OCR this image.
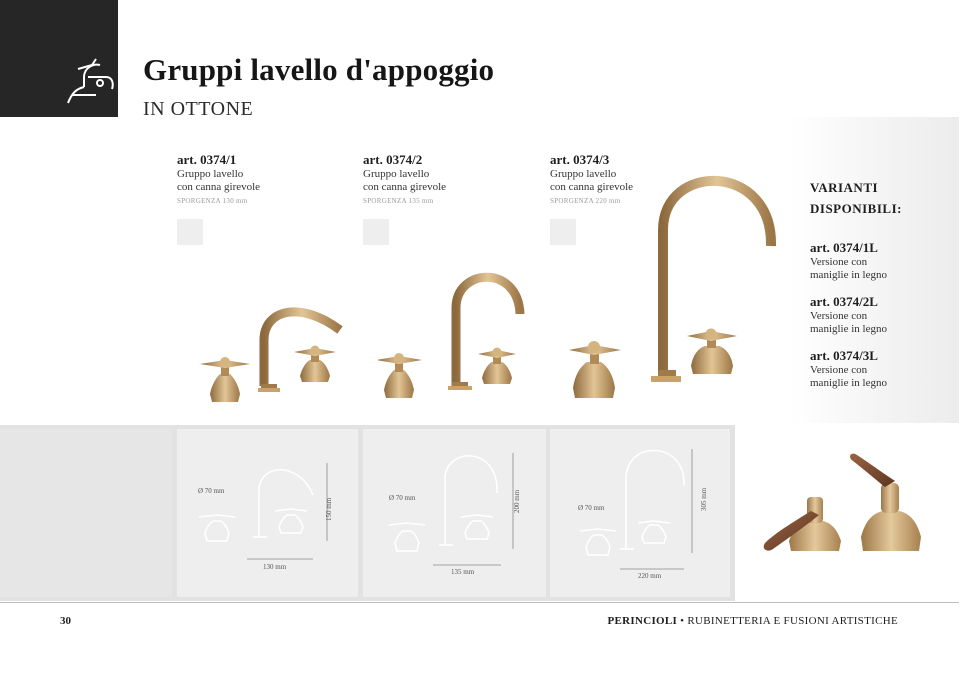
Gruppi lavello d'appoggio
IN OTTONE
art. 0374/1
Gruppo lavello
con canna girevole
SPORGENZA 130 mm
art. 0374/2
Gruppo lavello
con canna girevole
SPORGENZA 135 mm
art. 0374/3
Gruppo lavello
con canna girevole
SPORGENZA 220 mm
VARIANTI
DISPONIBILI:
art. 0374/1L
Versione con
maniglie in legno
art. 0374/2L
Versione con
maniglie in legno
art. 0374/3L
Versione con
maniglie in legno
Ø 70 mm
150 mm
130 mm
Ø 70 mm	200 mm
135 mm
Ø 70 mm	305 mm
220 mm
30	PERINCIOLI • RUBINETTERIA E FUSIONI ARTISTICHE
